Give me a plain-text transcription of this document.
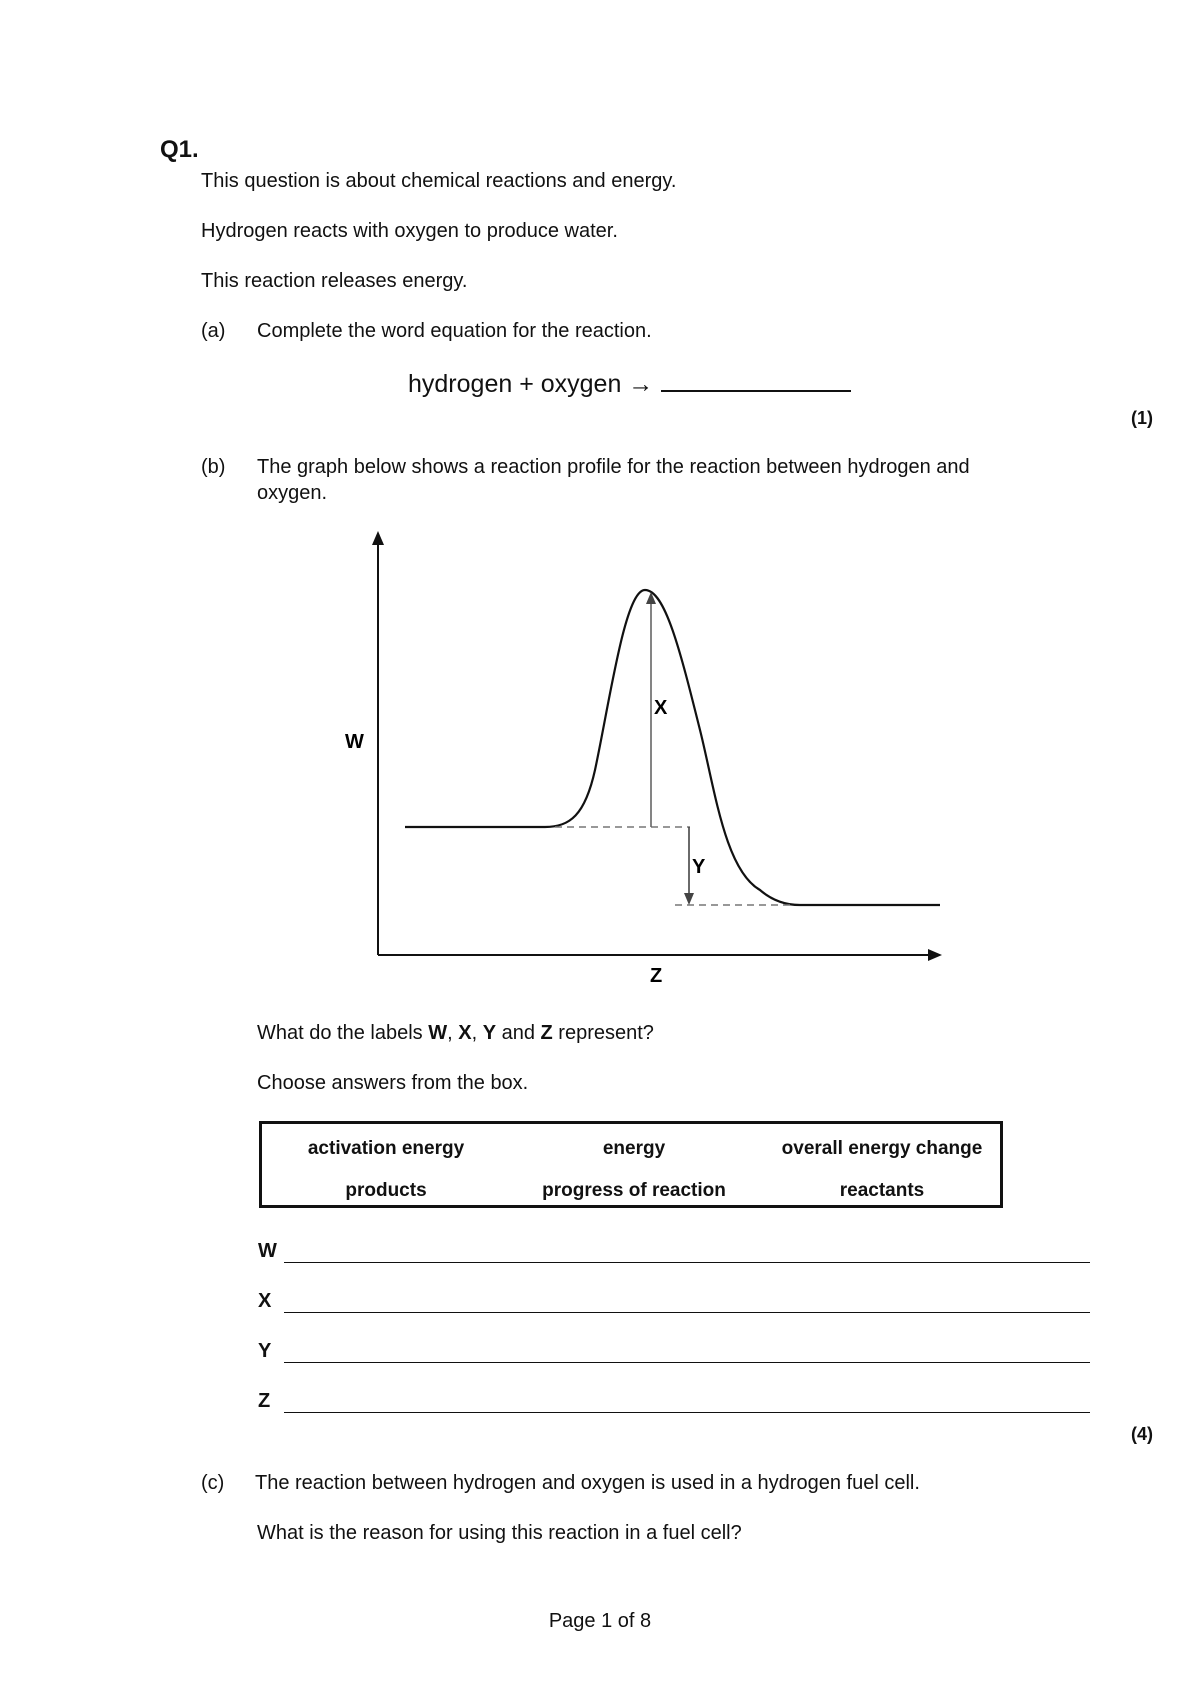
Q1.
This question is about chemical reactions and energy.
Hydrogen reacts with oxygen to produce water.
This reaction releases energy.
(a) Complete the word equation for the reaction.
hydrogen + oxygen →
(1)
(b) The graph below shows a reaction profile for the reaction between hydrogen and
oxygen.
W
X
Y
Z
What do the labels W, X, Y and Z represent?
Choose answers from the box.
activation energy	energy	overall energy change
products	progress of reaction	reactants
W
X
Y
Z
(4)
(c) The reaction between hydrogen and oxygen is used in a hydrogen fuel cell.
What is the reason for using this reaction in a fuel cell?
Page 1 of 8
